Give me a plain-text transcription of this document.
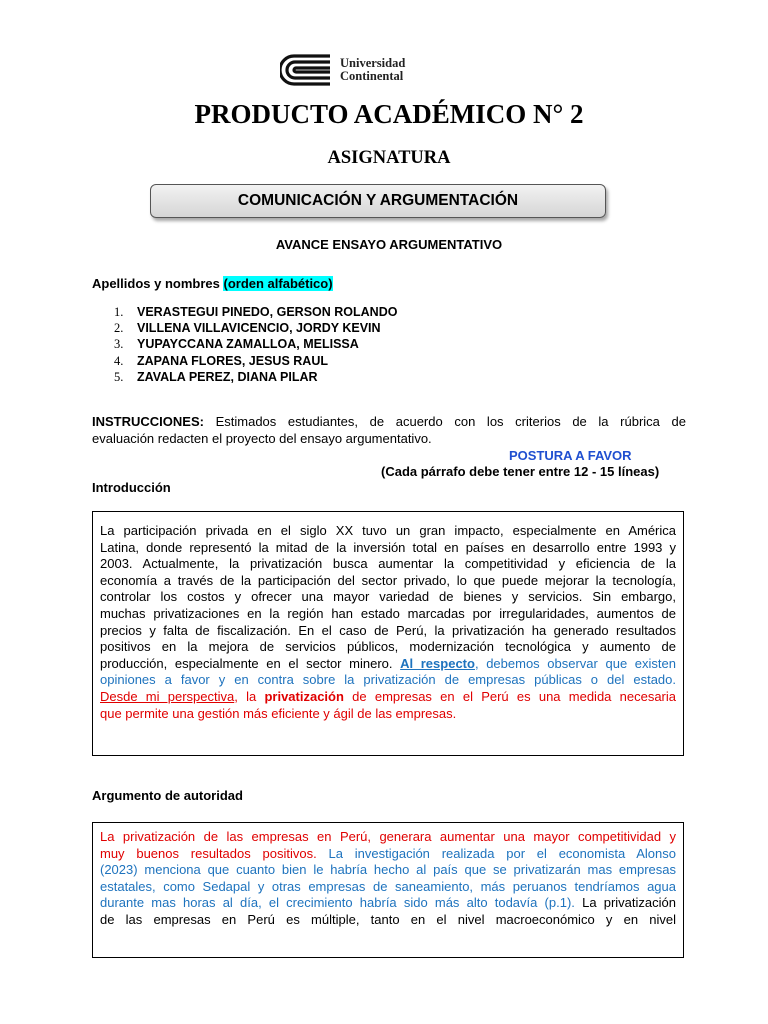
Universidad
Continental
PRODUCTO ACADÉMICO N° 2
ASIGNATURA
COMUNICACIÓN Y ARGUMENTACIÓN
AVANCE ENSAYO ARGUMENTATIVO
Apellidos y nombres (orden alfabético)
1.	VERASTEGUI PINEDO, GERSON ROLANDO
2.	VILLENA VILLAVICENCIO, JORDY KEVIN
3.	YUPAYCCANA ZAMALLOA, MELISSA
4.	ZAPANA FLORES, JESUS RAUL
5.	ZAVALA PEREZ, DIANA PILAR
INSTRUCCIONES: Estimados estudiantes, de acuerdo con los criterios de la rúbrica de
evaluación redacten el proyecto del ensayo argumentativo.
POSTURA A FAVOR
(Cada párrafo debe tener entre 12 - 15 líneas)
Introducción

La participación privada en el siglo XX tuvo un gran impacto, especialmente en América
Latina, donde representó la mitad de la inversión total en países en desarrollo entre 1993 y
2003. Actualmente, la privatización busca aumentar la competitividad y eficiencia de la
economía a través de la participación del sector privado, lo que puede mejorar la tecnología,
controlar los costos y ofrecer una mayor variedad de bienes y servicios. Sin embargo,
muchas privatizaciones en la región han estado marcadas por irregularidades, aumentos de
precios y falta de fiscalización. En el caso de Perú, la privatización ha generado resultados
positivos en la mejora de servicios públicos, modernización tecnológica y aumento de
producción, especialmente en el sector minero. Al respecto, debemos observar que existen
opiniones a favor y en contra sobre la privatización de empresas públicas o del estado.
Desde mi perspectiva, la privatización de empresas en el Perú es una medida necesaria
que permite una gestión más eficiente y ágil de las empresas.

Argumento de autoridad

La privatización de las empresas en Perú, generara aumentar una mayor competitividad y
muy buenos resultados positivos. La investigación realizada por el economista Alonso
(2023) menciona que cuanto bien le habría hecho al país que se privatizarán mas empresas
estatales, como Sedapal y otras empresas de saneamiento, más peruanos tendríamos agua
durante mas horas al día, el crecimiento habría sido más alto todavía (p.1). La privatización
de las empresas en Perú es múltiple, tanto en el nivel macroeconómico y en nivel
